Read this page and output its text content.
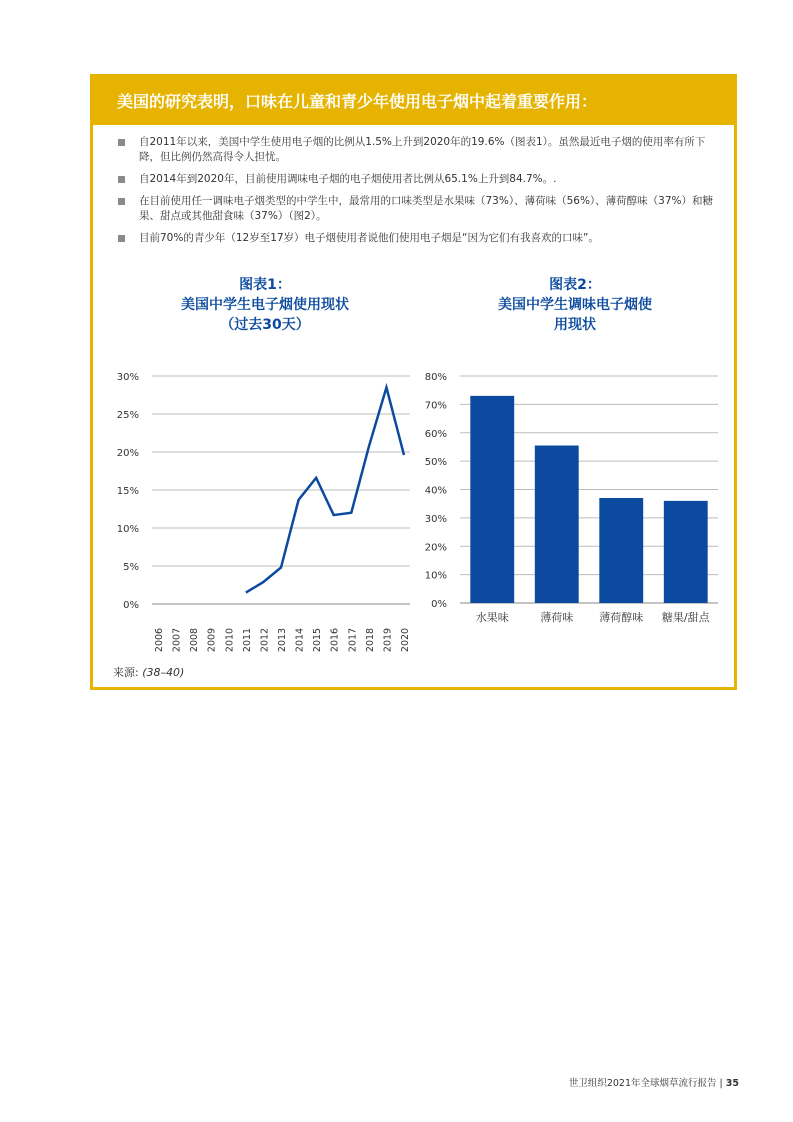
美国的研究表明，口味在儿童和青少年使用电子烟中起着重要作用：
自2011年以来，美国中学生使用电子烟的比例从1.5%上升到2020年的19.6%（图表1）。虽然最近电子烟的使用率有所下降，但比例仍然高得令人担忧。
自2014年到2020年，目前使用调味电子烟的电子烟使用者比例从65.1%上升到84.7%。.
在目前使用任一调味电子烟类型的中学生中，最常用的口味类型是水果味（73%）、薄荷味（56%）、薄荷醇味（37%）和糖果、甜点或其他甜食味（37%）（图2）。
目前70%的青少年（12岁至17岁）电子烟使用者说他们使用电子烟是“因为它们有我喜欢的口味”。
图表1：
美国中学生电子烟使用现状
（过去30天）
图表2：
美国中学生调味电子烟使
用现状
0%
5%
10%
15%
20%
25%
30%
2006 2007 2008 2009 2010 2011 2012 2013 2014 2015 2016 2017 2018 2019 2020
0%
10%
20%
30%
40%
50%
60%
70%
80%
水果味	薄荷味 薄荷醇味 糖果/甜点
来源: (38–40)
世卫组织2021年全球烟草流行报告 | 35
